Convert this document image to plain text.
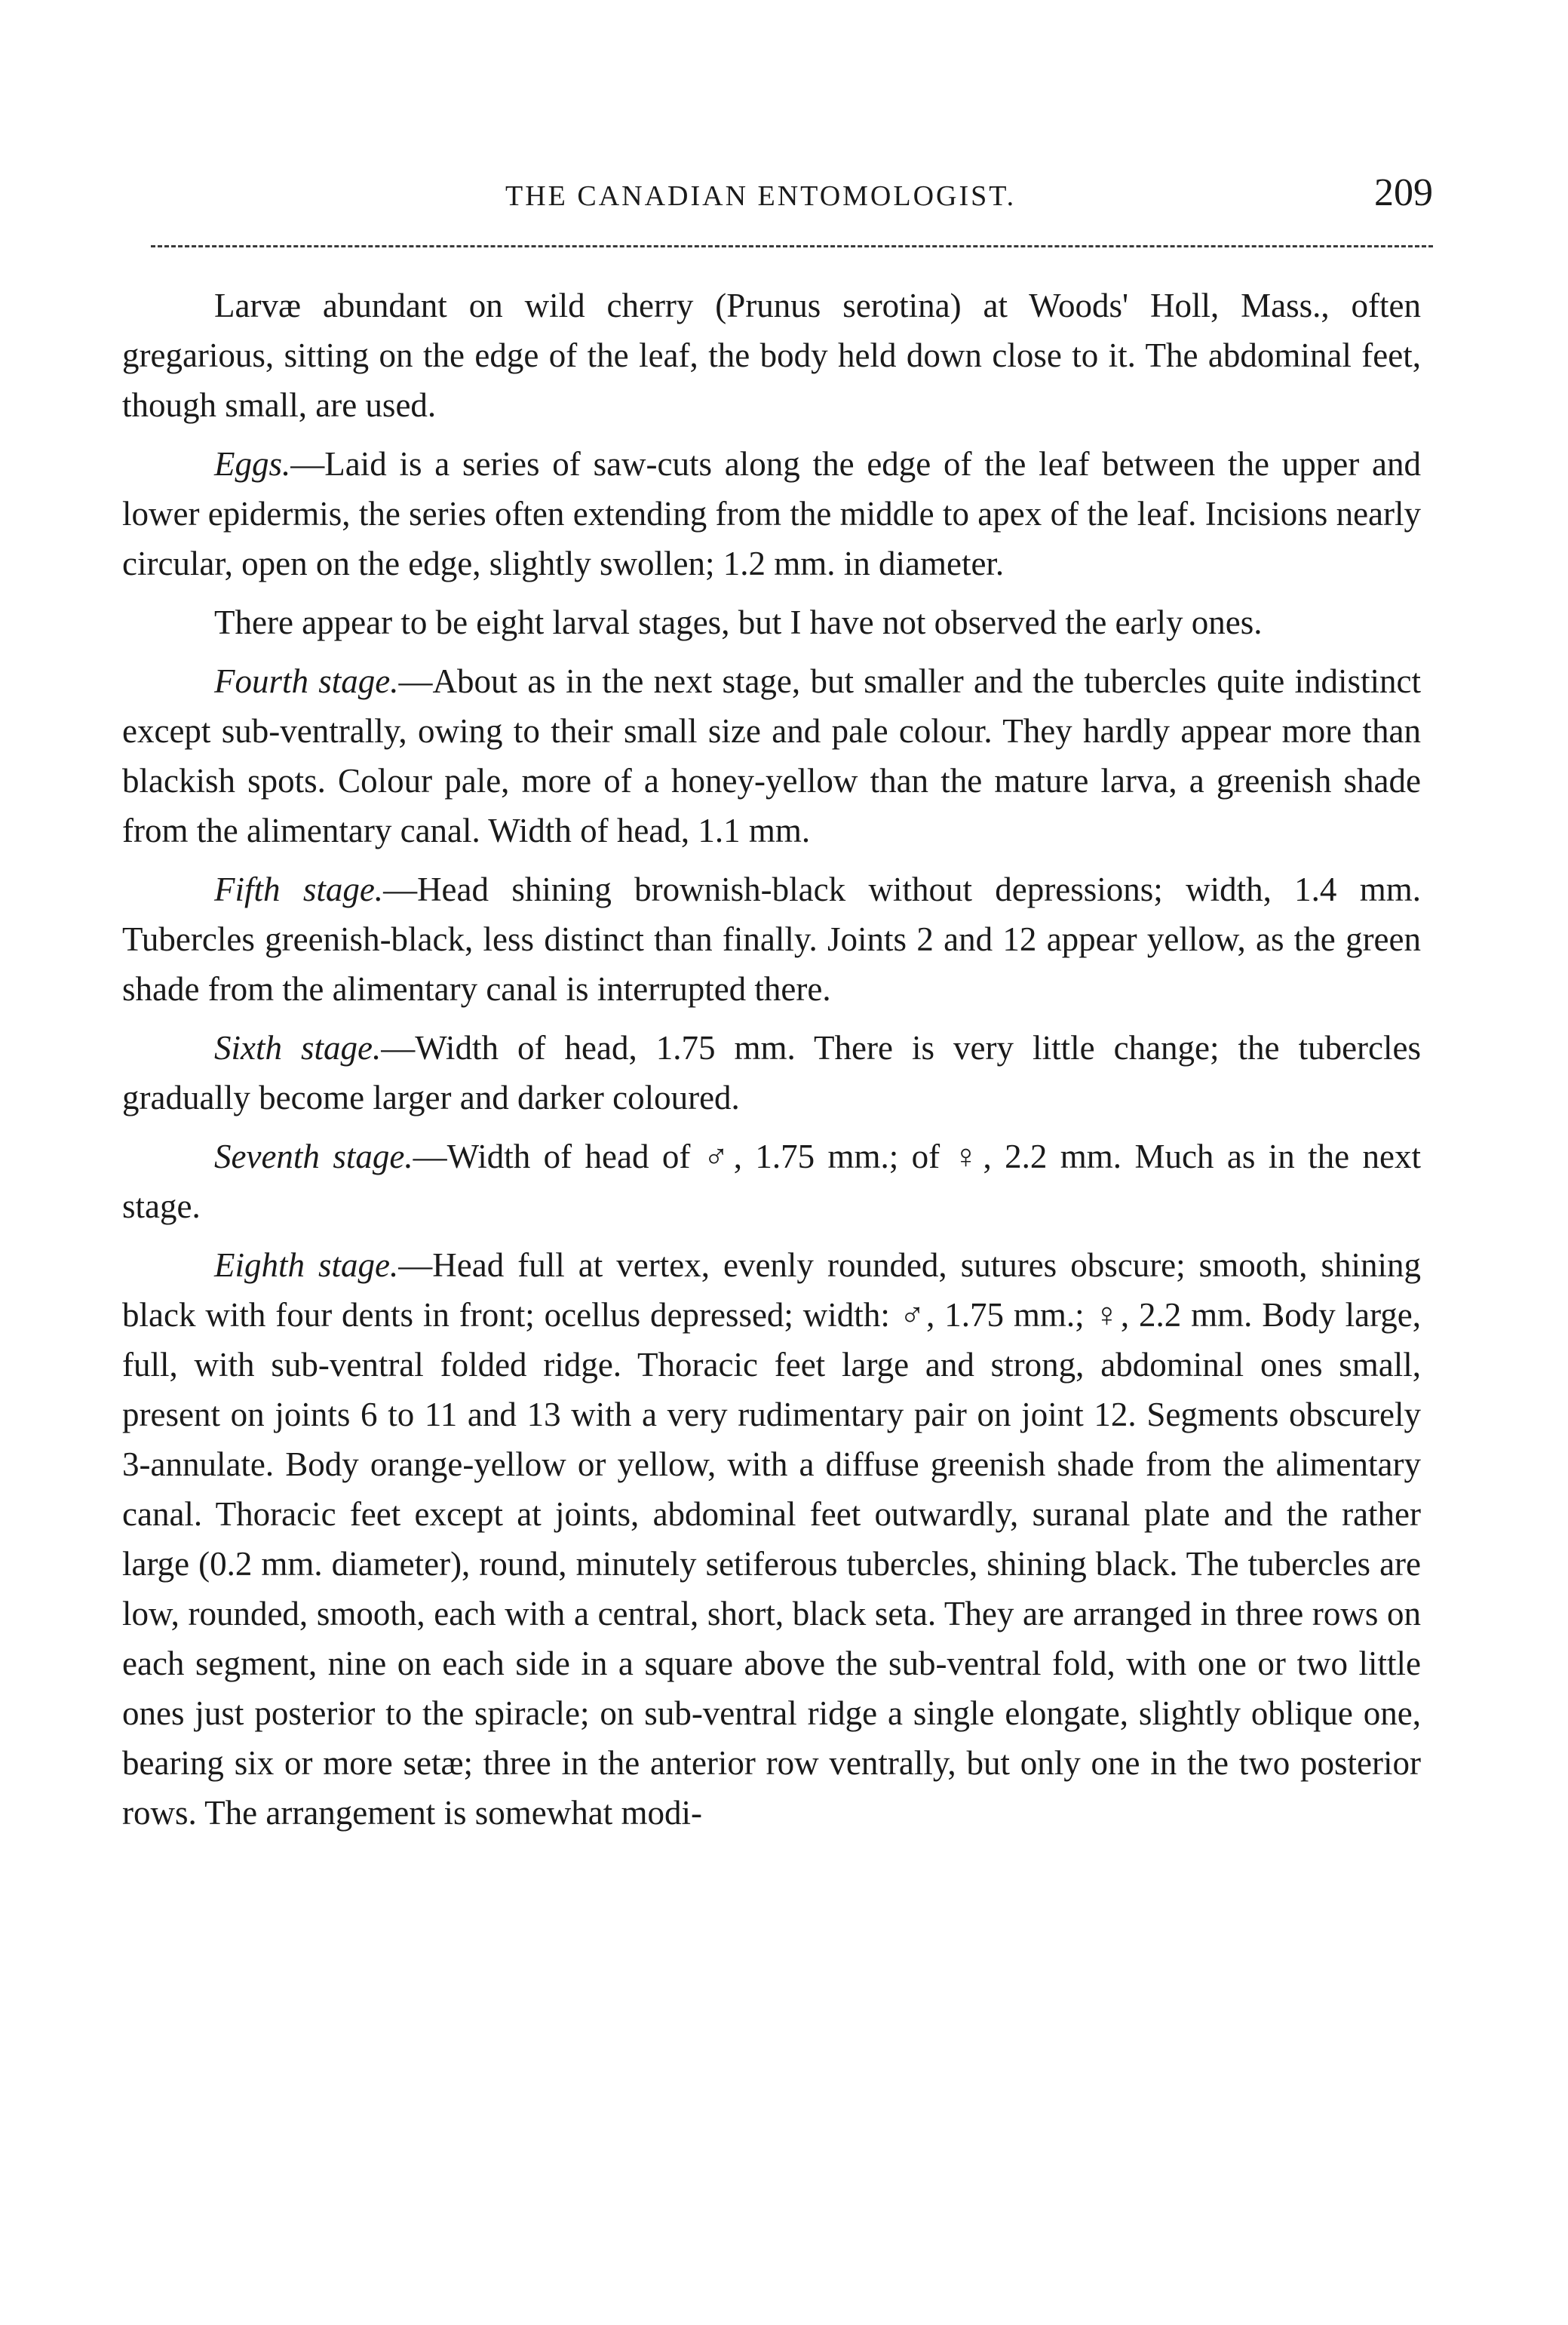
THE CANADIAN ENTOMOLOGIST.	209

Larvæ abundant on wild cherry (Prunus serotina) at Woods' Holl, Mass., often gregarious, sitting on the edge of the leaf, the body held down close to it. The abdominal feet, though small, are used.

Eggs.—Laid is a series of saw-cuts along the edge of the leaf between the upper and lower epidermis, the series often extending from the middle to apex of the leaf. Incisions nearly circular, open on the edge, slightly swollen; 1.2 mm. in diameter.

There appear to be eight larval stages, but I have not observed the early ones.

Fourth stage.—About as in the next stage, but smaller and the tubercles quite indistinct except sub-ventrally, owing to their small size and pale colour. They hardly appear more than blackish spots. Colour pale, more of a honey-yellow than the mature larva, a greenish shade from the alimentary canal. Width of head, 1.1 mm.

Fifth stage.—Head shining brownish-black without depressions; width, 1.4 mm. Tubercles greenish-black, less distinct than finally. Joints 2 and 12 appear yellow, as the green shade from the alimentary canal is interrupted there.

Sixth stage.—Width of head, 1.75 mm. There is very little change; the tubercles gradually become larger and darker coloured.

Seventh stage.—Width of head of ♂, 1.75 mm.; of ♀, 2.2 mm. Much as in the next stage.

Eighth stage.—Head full at vertex, evenly rounded, sutures obscure; smooth, shining black with four dents in front; ocellus depressed; width: ♂, 1.75 mm.; ♀, 2.2 mm. Body large, full, with sub-ventral folded ridge. Thoracic feet large and strong, abdominal ones small, present on joints 6 to 11 and 13 with a very rudimentary pair on joint 12. Segments obscurely 3-annulate. Body orange-yellow or yellow, with a diffuse greenish shade from the alimentary canal. Thoracic feet except at joints, abdominal feet outwardly, suranal plate and the rather large (0.2 mm. diameter), round, minutely setiferous tubercles, shining black. The tubercles are low, rounded, smooth, each with a central, short, black seta. They are arranged in three rows on each segment, nine on each side in a square above the sub-ventral fold, with one or two little ones just posterior to the spiracle; on sub-ventral ridge a single elongate, slightly oblique one, bearing six or more setæ; three in the anterior row ventrally, but only one in the two posterior rows. The arrangement is somewhat modi-
